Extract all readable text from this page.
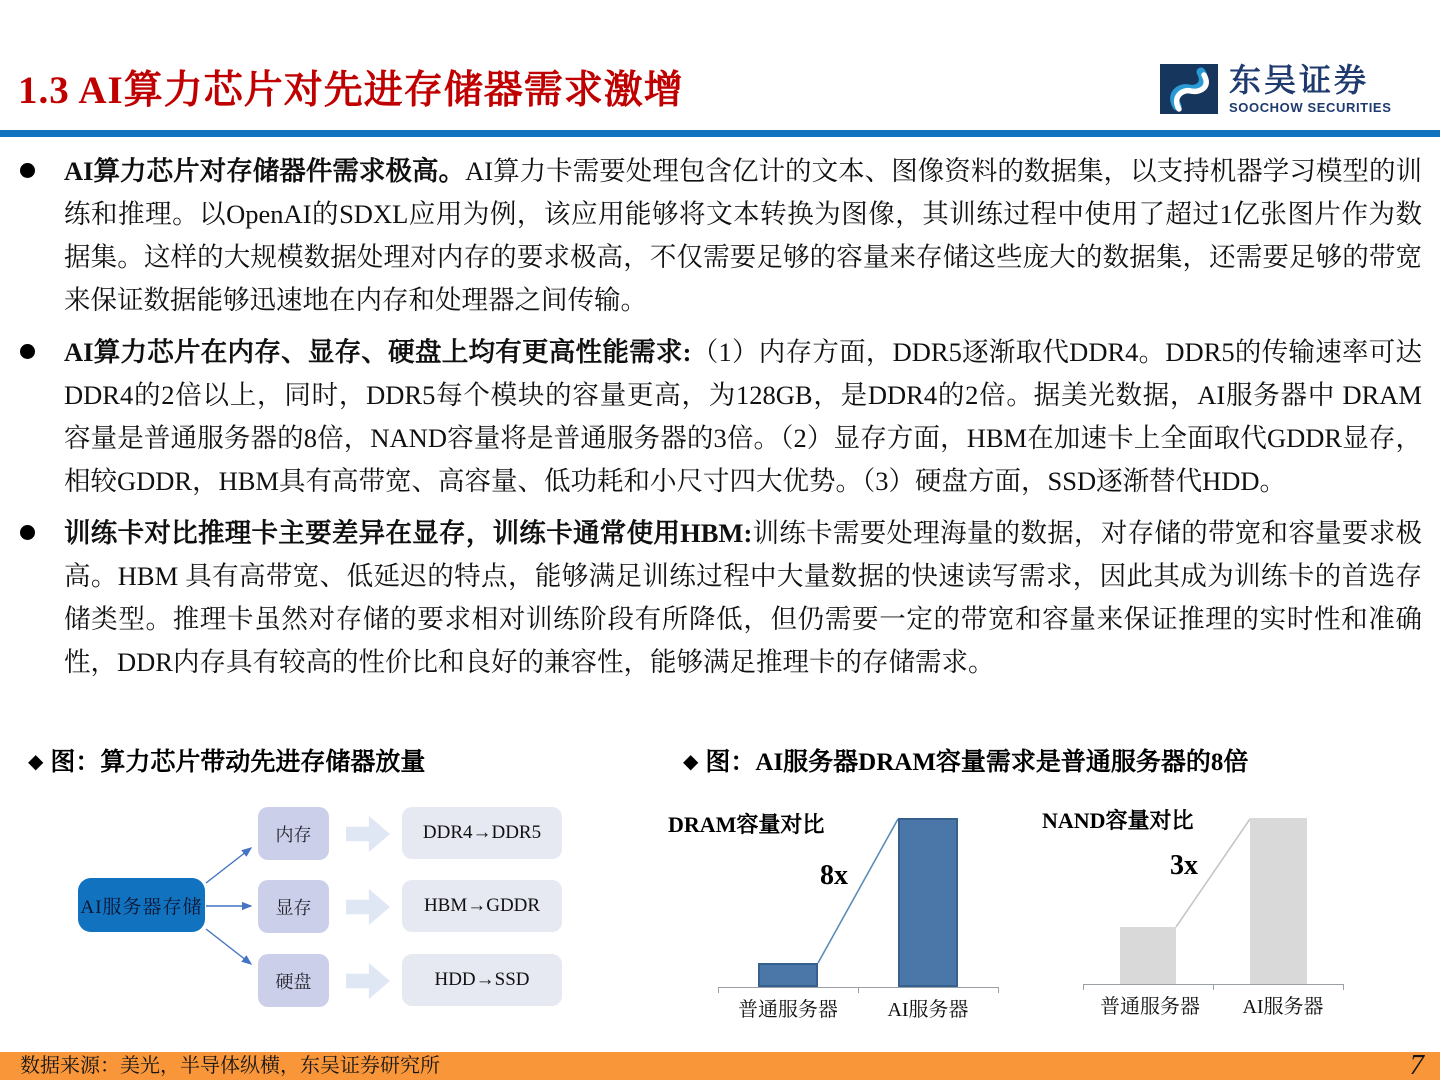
1.3 AI算力芯片对先进存储器需求激增	东吴证券
SOOCHOW SECURITIES
AI算力芯片对存储器件需求极高。AI算力卡需要处理包含亿计的文本、图像资料的数据集，以支持机器学习模型的训练和推理。以OpenAI的SDXL应用为例，该应用能够将文本转换为图像，其训练过程中使用了超过1亿张图片作为数据集。这样的大规模数据处理对内存的要求极高，不仅需要足够的容量来存储这些庞大的数据集，还需要足够的带宽来保证数据能够迅速地在内存和处理器之间传输。
AI算力芯片在内存、显存、硬盘上均有更高性能需求:（1）内存方面，DDR5逐渐取代DDR4。DDR5的传输速率可达DDR4的2倍以上，同时，DDR5每个模块的容量更高，为128GB，是DDR4的2倍。据美光数据，AI服务器中 DRAM 容量是普通服务器的8倍，NAND容量将是普通服务器的3倍。（2）显存方面，HBM在加速卡上全面取代GDDR显存，相较GDDR，HBM具有高带宽、高容量、低功耗和小尺寸四大优势。（3）硬盘方面，SSD逐渐替代HDD。
训练卡对比推理卡主要差异在显存，训练卡通常使用HBM:训练卡需要处理海量的数据，对存储的带宽和容量要求极高。HBM 具有高带宽、低延迟的特点，能够满足训练过程中大量数据的快速读写需求，因此其成为训练卡的首选存储类型。推理卡虽然对存储的要求相对训练阶段有所降低，但仍需要一定的带宽和容量来保证推理的实时性和准确性，DDR内存具有较高的性价比和良好的兼容性，能够满足推理卡的存储需求。
◆ 图：算力芯片带动先进存储器放量	◆ 图：AI服务器DRAM容量需求是普通服务器的8倍
AI服务器存储
内存
显存
硬盘
DDR4→DDR5
HBM→GDDR
HDD→SSD
DRAM容量对比
8x
普通服务器	AI服务器
NAND容量对比
3x
普通服务器	AI服务器
数据来源：美光，半导体纵横，东吴证券研究所	7
